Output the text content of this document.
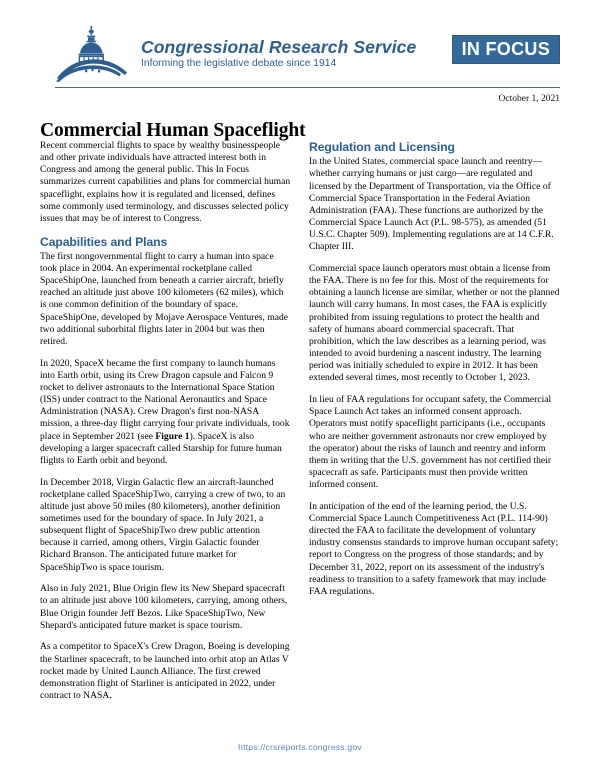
Congressional Research Service
Informing the legislative debate since 1914
IN FOCUS
October 1, 2021
Commercial Human Spaceflight

Recent commercial flights to space by wealthy businesspeople and other private individuals have attracted interest both in Congress and among the general public. This In Focus summarizes current capabilities and plans for commercial human spaceflight, explains how it is regulated and licensed, defines some commonly used terminology, and discusses selected policy issues that may be of interest to Congress.

Capabilities and Plans

The first nongovernmental flight to carry a human into space took place in 2004. An experimental rocketplane called SpaceShipOne, launched from beneath a carrier aircraft, briefly reached an altitude just above 100 kilometers (62 miles), which is one common definition of the boundary of space. SpaceShipOne, developed by Mojave Aerospace Ventures, made two additional suborbital flights later in 2004 but was then retired.

In 2020, SpaceX became the first company to launch humans into Earth orbit, using its Crew Dragon capsule and Falcon 9 rocket to deliver astronauts to the International Space Station (ISS) under contract to the National Aeronautics and Space Administration (NASA). Crew Dragon's first non-NASA mission, a three-day flight carrying four private individuals, took place in September 2021 (see Figure 1). SpaceX is also developing a larger spacecraft called Starship for future human flights to Earth orbit and beyond.

In December 2018, Virgin Galactic flew an aircraft-launched rocketplane called SpaceShipTwo, carrying a crew of two, to an altitude just above 50 miles (80 kilometers), another definition sometimes used for the boundary of space. In July 2021, a subsequent flight of SpaceShipTwo drew public attention because it carried, among others, Virgin Galactic founder Richard Branson. The anticipated future market for SpaceShipTwo is space tourism.

Also in July 2021, Blue Origin flew its New Shepard spacecraft to an altitude just above 100 kilometers, carrying, among others, Blue Origin founder Jeff Bezos. Like SpaceShipTwo, New Shepard's anticipated future market is space tourism.

As a competitor to SpaceX's Crew Dragon, Boeing is developing the Starliner spacecraft, to be launched into orbit atop an Atlas V rocket made by United Launch Alliance. The first crewed demonstration flight of Starliner is anticipated in 2022, under contract to NASA.

Regulation and Licensing

In the United States, commercial space launch and reentry—whether carrying humans or just cargo—are regulated and licensed by the Department of Transportation, via the Office of Commercial Space Transportation in the Federal Aviation Administration (FAA). These functions are authorized by the Commercial Space Launch Act (P.L. 98-575), as amended (51 U.S.C. Chapter 509). Implementing regulations are at 14 C.F.R. Chapter III.

Commercial space launch operators must obtain a license from the FAA. There is no fee for this. Most of the requirements for obtaining a launch license are similar, whether or not the planned launch will carry humans. In most cases, the FAA is explicitly prohibited from issuing regulations to protect the health and safety of humans aboard commercial spacecraft. That prohibition, which the law describes as a learning period, was intended to avoid burdening a nascent industry. The learning period was initially scheduled to expire in 2012. It has been extended several times, most recently to October 1, 2023.

In lieu of FAA regulations for occupant safety, the Commercial Space Launch Act takes an informed consent approach. Operators must notify spaceflight participants (i.e., occupants who are neither government astronauts nor crew employed by the operator) about the risks of launch and reentry and inform them in writing that the U.S. government has not certified their spacecraft as safe. Participants must then provide written informed consent.

In anticipation of the end of the learning period, the U.S. Commercial Space Launch Competitiveness Act (P.L. 114-90) directed the FAA to facilitate the development of voluntary industry consensus standards to improve human occupant safety; report to Congress on the progress of those standards; and by December 31, 2022, report on its assessment of the industry's readiness to transition to a safety framework that may include FAA regulations.

https://crsreports.congress.gov
